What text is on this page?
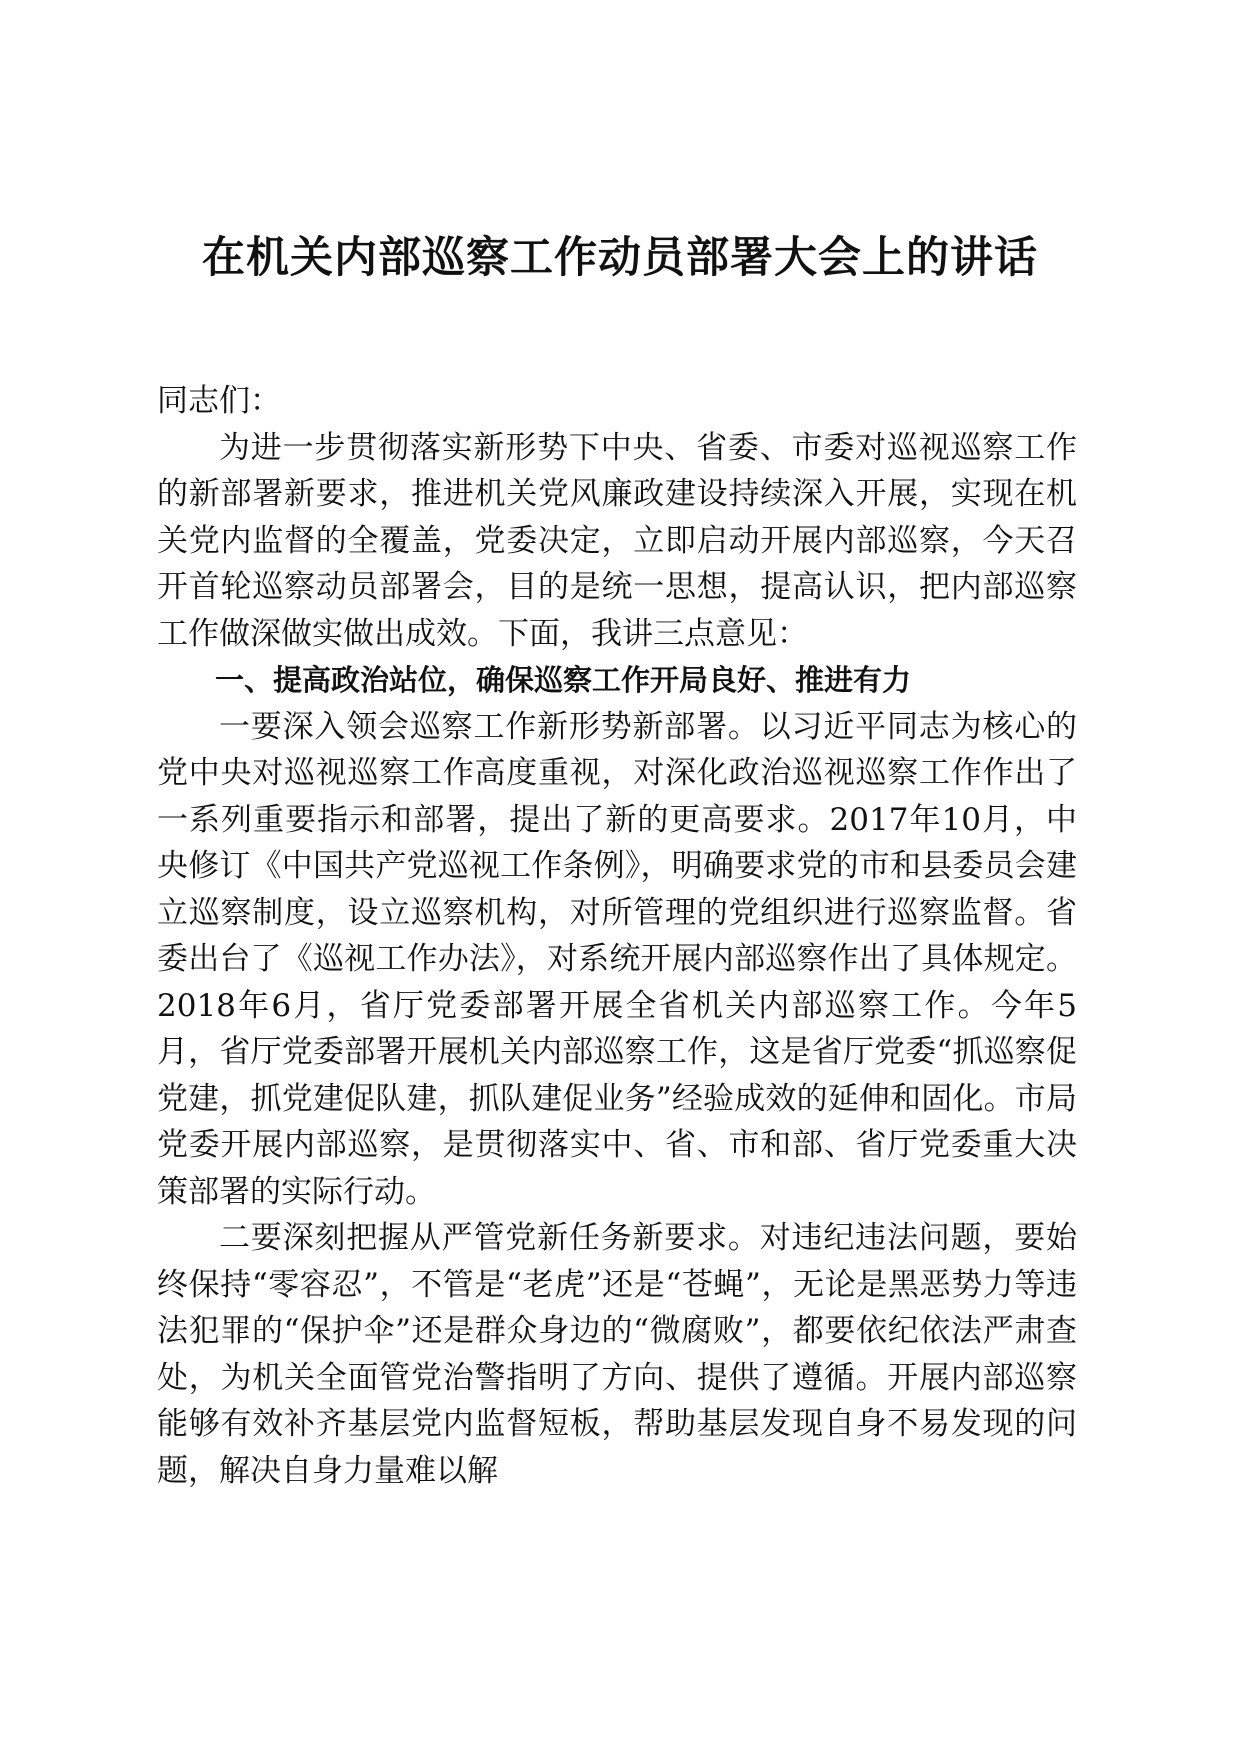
在机关内部巡察工作动员部署大会上的讲话

同志们：

为进一步贯彻落实新形势下中央、省委、市委对巡视巡察工作的新部署新要求，推进机关党风廉政建设持续深入开展，实现在机关党内监督的全覆盖，党委决定，立即启动开展内部巡察，今天召开首轮巡察动员部署会，目的是统一思想，提高认识，把内部巡察工作做深做实做出成效。下面，我讲三点意见：

一、提高政治站位，确保巡察工作开局良好、推进有力

一要深入领会巡察工作新形势新部署。以习近平同志为核心的党中央对巡视巡察工作高度重视，对深化政治巡视巡察工作作出了一系列重要指示和部署，提出了新的更高要求。2017年10月，中央修订《中国共产党巡视工作条例》，明确要求党的市和县委员会建立巡察制度，设立巡察机构，对所管理的党组织进行巡察监督。省委出台了《巡视工作办法》，对系统开展内部巡察作出了具体规定。2018年6月，省厅党委部署开展全省机关内部巡察工作。今年5月，省厅党委部署开展机关内部巡察工作，这是省厅党委“抓巡察促党建，抓党建促队建，抓队建促业务”经验成效的延伸和固化。市局党委开展内部巡察，是贯彻落实中、省、市和部、省厅党委重大决策部署的实际行动。

二要深刻把握从严管党新任务新要求。对违纪违法问题，要始终保持“零容忍”，不管是“老虎”还是“苍蝇”，无论是黑恶势力等违法犯罪的“保护伞”还是群众身边的“微腐败”，都要依纪依法严肃查处，为机关全面管党治警指明了方向、提供了遵循。开展内部巡察能够有效补齐基层党内监督短板，帮助基层发现自身不易发现的问题，解决自身力量难以解
